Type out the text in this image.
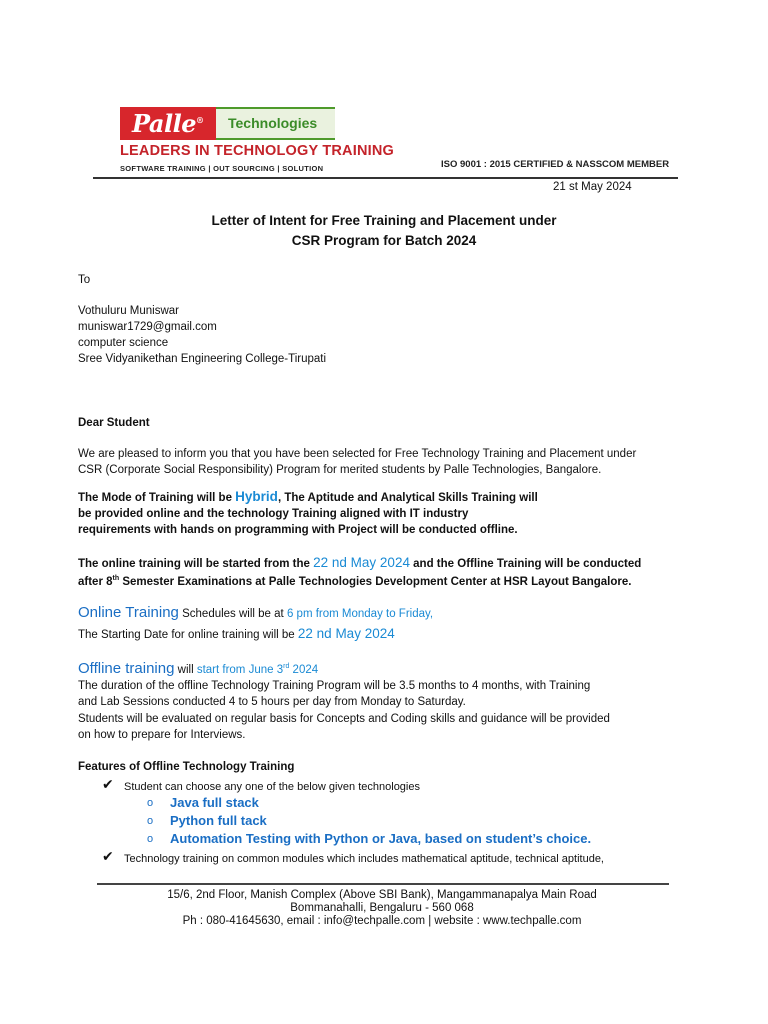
Palle® Technologies
LEADERS IN TECHNOLOGY TRAINING
SOFTWARE TRAINING | OUT SOURCING | SOLUTION	ISO 9001 : 2015 CERTIFIED & NASSCOM MEMBER
21 st May 2024
Letter of Intent for Free Training and Placement under
CSR Program for Batch 2024
To
Vothuluru Muniswar
muniswar1729@gmail.com
computer science
Sree Vidyanikethan Engineering College-Tirupati
Dear Student
We are pleased to inform you that you have been selected for Free Technology Training and Placement under
CSR (Corporate Social Responsibility) Program for merited students by Palle Technologies, Bangalore.
The Mode of Training will be Hybrid, The Aptitude and Analytical Skills Training will
be provided online and the technology Training aligned with IT industry
requirements with hands on programming with Project will be conducted offline.
The online training will be started from the 22 nd May 2024 and the Offline Training will be conducted
after 8th Semester Examinations at Palle Technologies Development Center at HSR Layout Bangalore.
Online Training Schedules will be at 6 pm from Monday to Friday,
The Starting Date for online training will be 22 nd May 2024
Offline training will start from June 3rd 2024
The duration of the offline Technology Training Program will be 3.5 months to 4 months, with Training
and Lab Sessions conducted 4 to 5 hours per day from Monday to Saturday.
Students will be evaluated on regular basis for Concepts and Coding skills and guidance will be provided
on how to prepare for Interviews.
Features of Offline Technology Training
✔ Student can choose any one of the below given technologies
o Java full stack
o Python full tack
o Automation Testing with Python or Java, based on student’s choice.
✔ Technology training on common modules which includes mathematical aptitude, technical aptitude,
15/6, 2nd Floor, Manish Complex (Above SBI Bank), Mangammanapalya Main Road
Bommanahalli, Bengaluru - 560 068
Ph : 080-41645630, email : info@techpalle.com | website : www.techpalle.com
